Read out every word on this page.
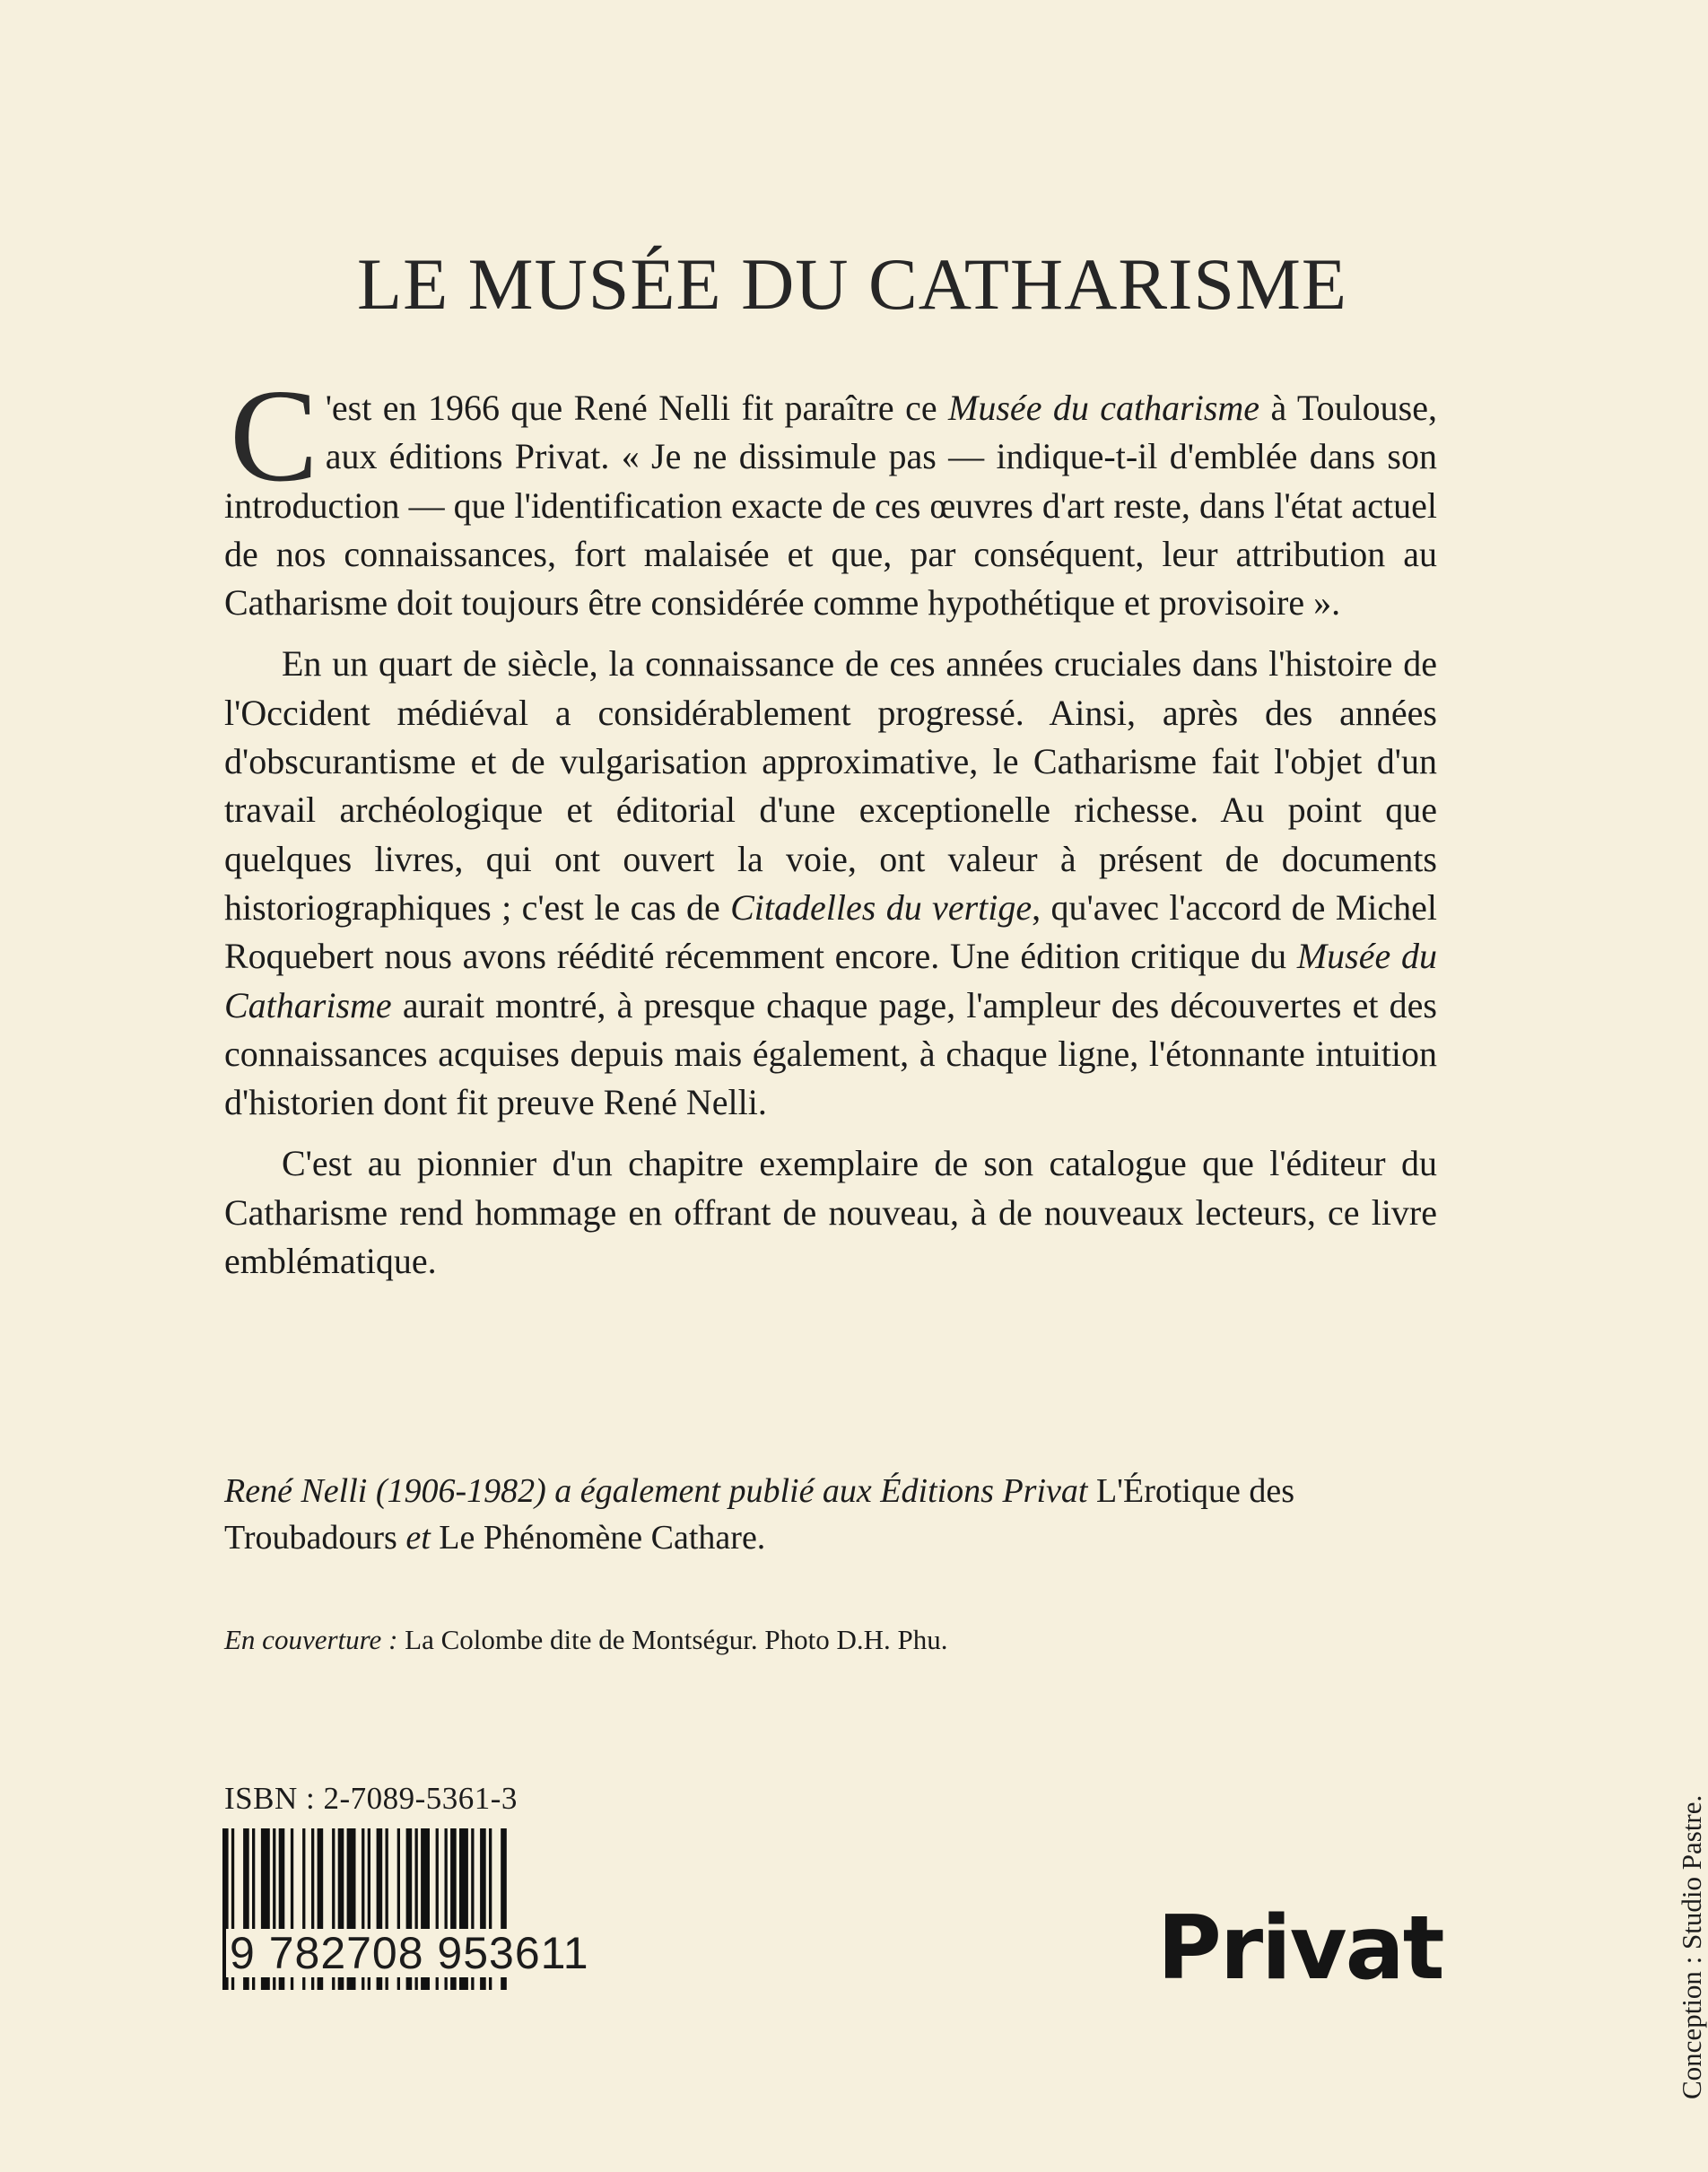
LE MUSÉE DU CATHARISME

C 'est en 1966 que René Nelli fit paraître ce Musée du catharisme à Toulouse, aux éditions Privat. « Je ne dissimule pas — indique-t-il d'emblée dans son introduction — que l'identification exacte de ces œuvres d'art reste, dans l'état actuel de nos connaissances, fort malaisée et que, par conséquent, leur attribution au Catharisme doit toujours être considérée comme hypothétique et provisoire ».

En un quart de siècle, la connaissance de ces années cruciales dans l'histoire de l'Occident médiéval a considérablement progressé. Ainsi, après des années d'obscurantisme et de vulgarisation approximative, le Catharisme fait l'objet d'un travail archéologique et éditorial d'une exceptionelle richesse. Au point que quelques livres, qui ont ouvert la voie, ont valeur à présent de documents historiographiques ; c'est le cas de Citadelles du vertige, qu'avec l'accord de Michel Roquebert nous avons réédité récemment encore. Une édition critique du Musée du Catharisme aurait montré, à presque chaque page, l'ampleur des découvertes et des connaissances acquises depuis mais également, à chaque ligne, l'étonnante intuition d'historien dont fit preuve René Nelli.

C'est au pionnier d'un chapitre exemplaire de son catalogue que l'éditeur du Catharisme rend hommage en offrant de nouveau, à de nouveaux lecteurs, ce livre emblématique.

René Nelli (1906-1982) a également publié aux Éditions Privat L'Érotique des Troubadours et Le Phénomène Cathare.
En couverture : La Colombe dite de Montségur. Photo D.H. Phu.
ISBN : 2-7089-5361-3
9 782708 953611	Privat	Conception : Studio Pastre.
